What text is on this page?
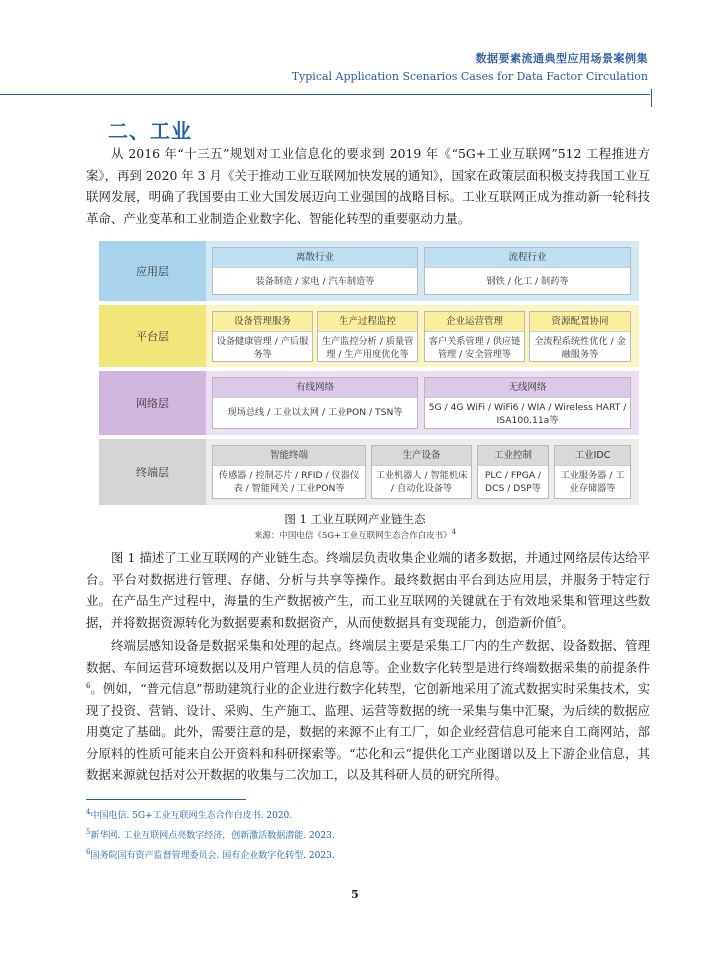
数据要素流通典型应用场景案例集
Typical Application Scenarios Cases for Data Factor Circulation
二、工业
从 2016 年“十三五”规划对工业信息化的要求到 2019 年《“5G+工业互联网”512 工程推进方案》，再到 2020 年 3 月《关于推动工业互联网加快发展的通知》，国家在政策层面积极支持我国工业互联网发展，明确了我国要由工业大国发展迈向工业强国的战略目标。工业互联网正成为推动新一轮科技革命、产业变革和工业制造企业数字化、智能化转型的重要驱动力量。
应用层
离散行业
装备制造 / 家电 / 汽车制造等
流程行业
钢铁 / 化工 / 制药等
平台层
设备管理服务
设备健康管理 / 产后服务等
生产过程监控
生产监控分析 / 质量管理 / 生产用度优化等
企业运营管理
客户关系管理 / 供应链管理 / 安全管理等
资源配置协同
全流程系统性优化 / 金融服务等
网络层
有线网络
现场总线 / 工业以太网 / 工业PON / TSN等
无线网络
5G / 4G WiFi / WiFi6 / WIA / Wireless HART / ISA100.11a等
终端层
智能终端
传感器 / 控制芯片 / RFID / 仪器仪表 / 智能网关 / 工业PON等
生产设备
工业机器人 / 智能机床 / 自动化设备等
工业控制
PLC / FPGA / DCS / DSP等
工业IDC
工业服务器 / 工业存储器等
图 1 工业互联网产业链生态
来源：中国电信《5G+工业互联网生态合作白皮书》$^4$
图 1 描述了工业互联网的产业链生态。终端层负责收集企业端的诸多数据，并通过网络层传达给平台。平台对数据进行管理、存储、分析与共享等操作。最终数据由平台到达应用层，并服务于特定行业。在产品生产过程中，海量的生产数据被产生，而工业互联网的关键就在于有效地采集和管理这些数据，并将数据资源转化为数据要素和数据资产，从而使数据具有变现能力，创造新价值$^5$。
终端层感知设备是数据采集和处理的起点。终端层主要是采集工厂内的生产数据、设备数据、管理数据、车间运营环境数据以及用户管理人员的信息等。企业数字化转型是进行终端数据采集的前提条件$^6$。例如，“普元信息”帮助建筑行业的企业进行数字化转型，它创新地采用了流式数据实时采集技术，实现了投资、营销、设计、采购、生产施工、监理、运营等数据的统一采集与集中汇聚，为后续的数据应用奠定了基础。此外，需要注意的是，数据的来源不止有工厂，如企业经营信息可能来自工商网站，部分原料的性质可能来自公开资料和科研探索等。“芯化和云”提供化工产业图谱以及上下游企业信息，其数据来源就包括对公开数据的收集与二次加工，以及其科研人员的研究所得。
$^4$中国电信. 5G+工业互联网生态合作白皮书. 2020.
$^5$新华网. 工业互联网点亮数字经济，创新激活数据潜能. 2023.
$^6$国务院国有资产监督管理委员会. 国有企业数字化转型. 2023.
5
